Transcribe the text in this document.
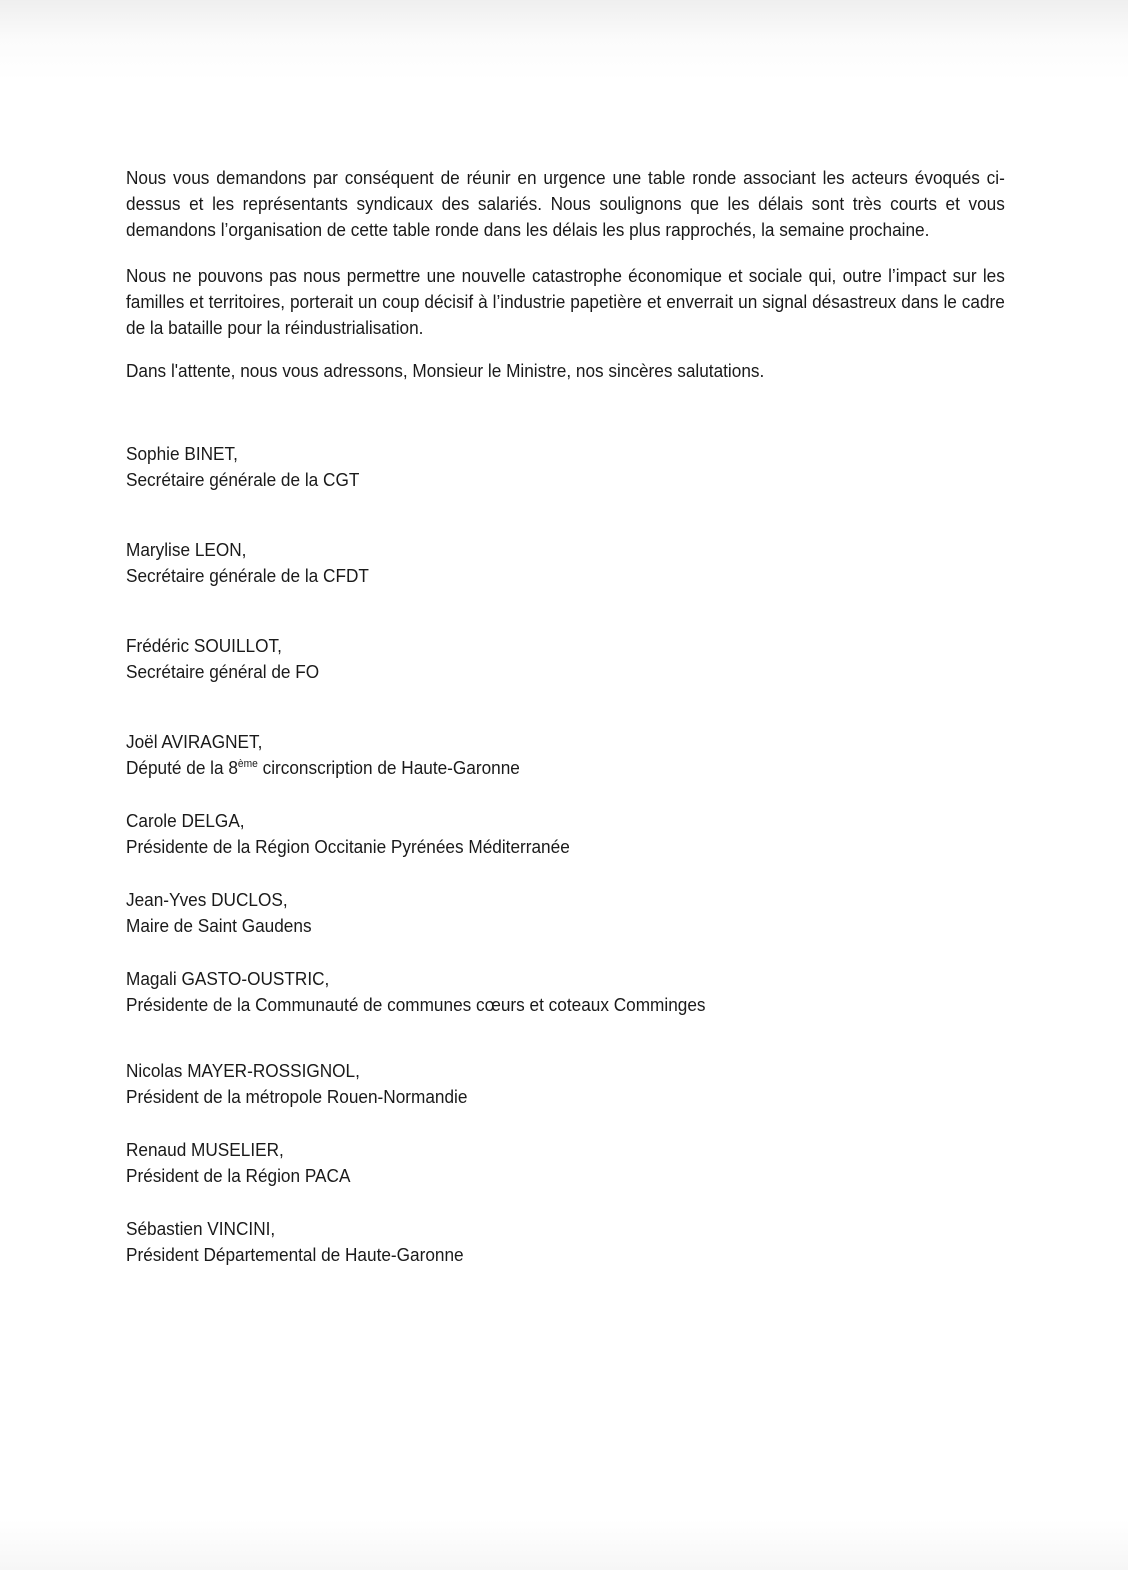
Nous vous demandons par conséquent de réunir en urgence une table ronde associant les acteurs évoqués ci-dessus et les représentants syndicaux des salariés. Nous soulignons que les délais sont très courts et vous demandons l’organisation de cette table ronde dans les délais les plus rapprochés, la semaine prochaine.

Nous ne pouvons pas nous permettre une nouvelle catastrophe économique et sociale qui, outre l’impact sur les familles et territoires, porterait un coup décisif à l’industrie papetière et enverrait un signal désastreux dans le cadre de la bataille pour la réindustrialisation.

Dans l'attente, nous vous adressons, Monsieur le Ministre, nos sincères salutations.

Sophie BINET,
Secrétaire générale de la CGT
Marylise LEON,
Secrétaire générale de la CFDT
Frédéric SOUILLOT,
Secrétaire général de FO
Joël AVIRAGNET,
Député de la 8ème circonscription de Haute-Garonne
Carole DELGA,
Présidente de la Région Occitanie Pyrénées Méditerranée
Jean-Yves DUCLOS,
Maire de Saint Gaudens
Magali GASTO-OUSTRIC,
Présidente de la Communauté de communes cœurs et coteaux Comminges
Nicolas MAYER-ROSSIGNOL,
Président de la métropole Rouen-Normandie
Renaud MUSELIER,
Président de la Région PACA
Sébastien VINCINI,
Président Départemental de Haute-Garonne
